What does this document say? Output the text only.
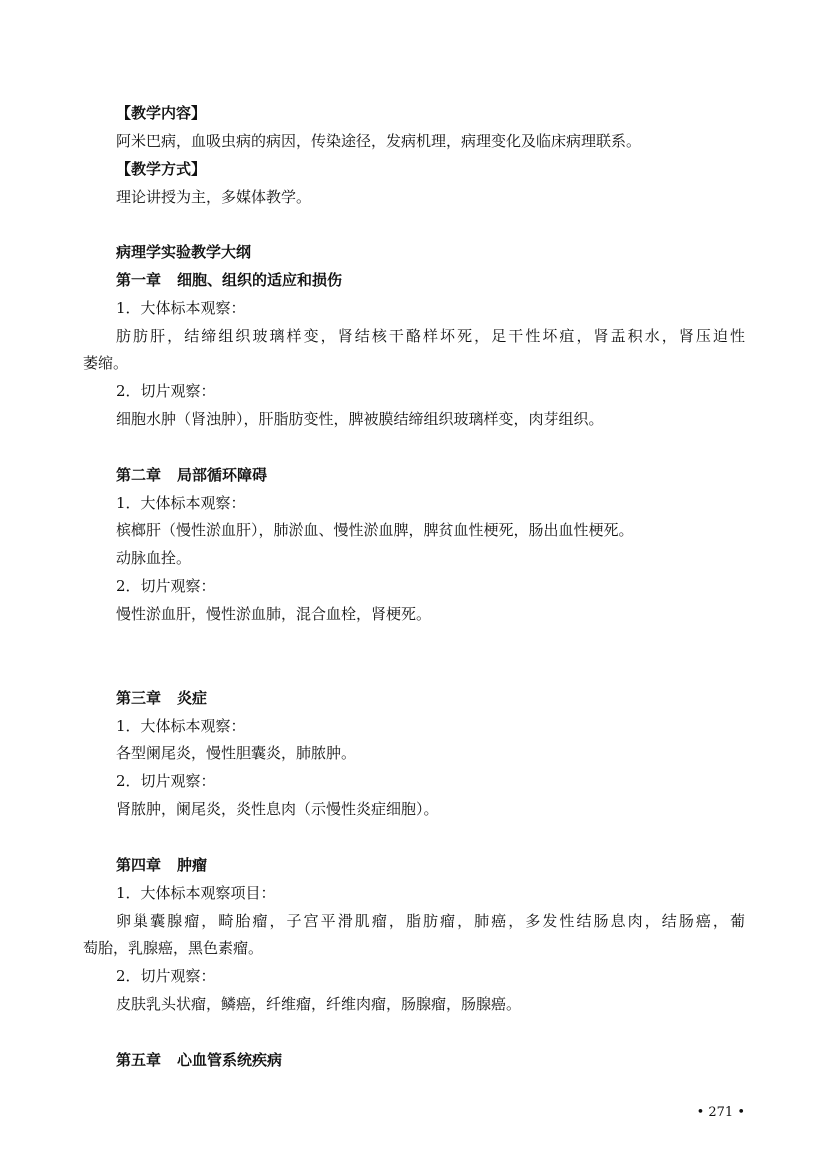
【教学内容】
阿米巴病，血吸虫病的病因，传染途径，发病机理，病理变化及临床病理联系。
【教学方式】
理论讲授为主，多媒体教学。
病理学实验教学大纲
第一章 细胞、组织的适应和损伤
1．大体标本观察：
肪肪肝，结缔组织玻璃样变，肾结核干酪样坏死，足干性坏疽，肾盂积水，肾压迫性
萎缩。
2．切片观察：
细胞水肿（肾浊肿），肝脂肪变性，脾被膜结缔组织玻璃样变，肉芽组织。
第二章 局部循环障碍
1．大体标本观察：
槟榔肝（慢性淤血肝），肺淤血、慢性淤血脾，脾贫血性梗死，肠出血性梗死。
动脉血拴。
2．切片观察：
慢性淤血肝，慢性淤血肺，混合血栓，肾梗死。
第三章 炎症
1．大体标本观察：
各型阑尾炎，慢性胆囊炎，肺脓肿。
2．切片观察：
肾脓肿，阑尾炎，炎性息肉（示慢性炎症细胞）。
第四章 肿瘤
1．大体标本观察项目：
卵巢囊腺瘤，畸胎瘤，子宫平滑肌瘤，脂肪瘤，肺癌，多发性结肠息肉，结肠癌，葡
萄胎，乳腺癌，黑色素瘤。
2．切片观察：
皮肤乳头状瘤，鳞癌，纤维瘤，纤维肉瘤，肠腺瘤，肠腺癌。
第五章 心血管系统疾病
• 271 •
